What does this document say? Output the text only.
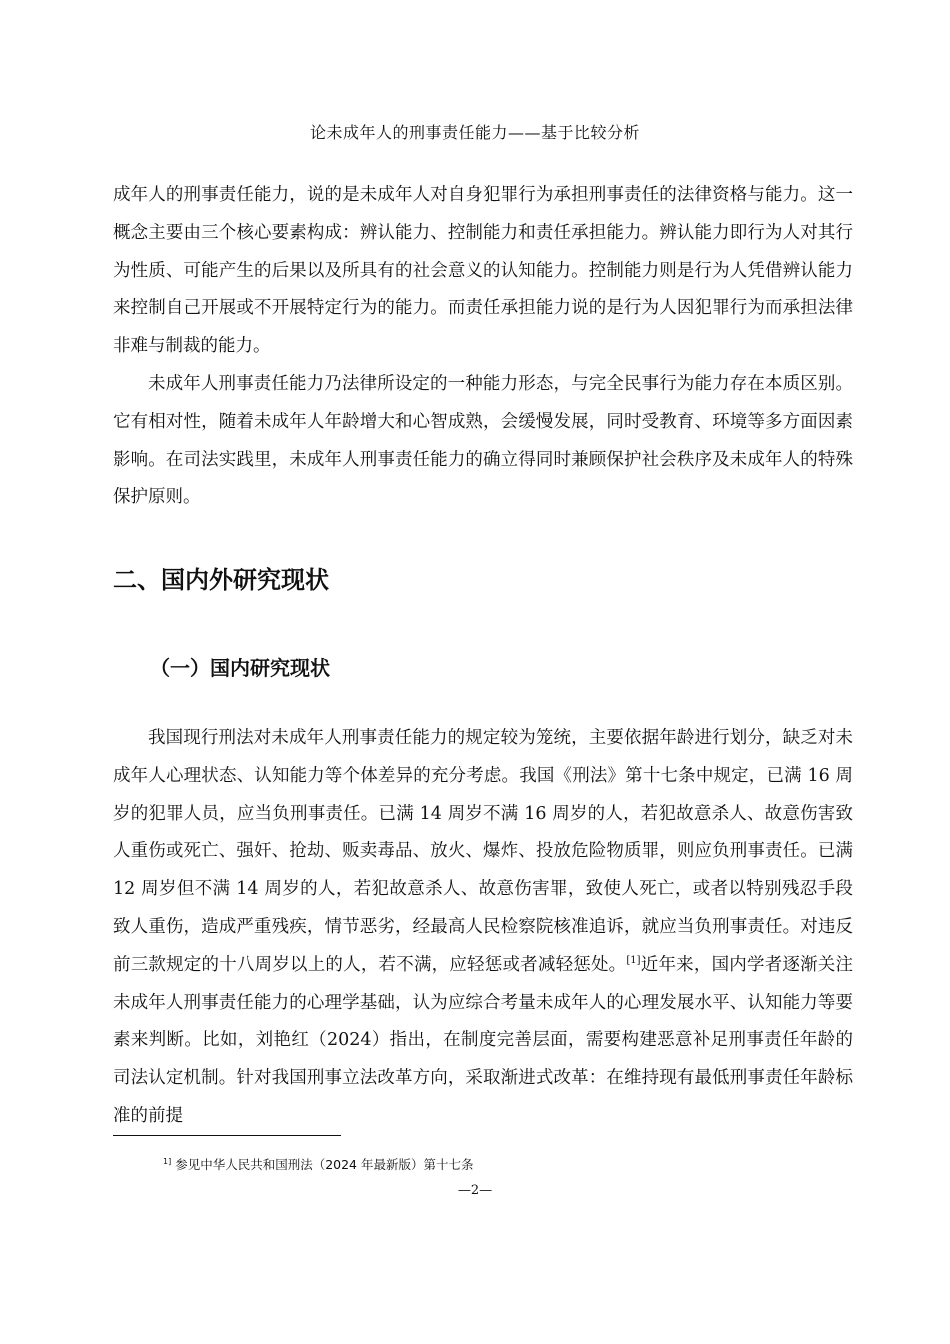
论未成年人的刑事责任能力——基于比较分析
成年人的刑事责任能力，说的是未成年人对自身犯罪行为承担刑事责任的法律资格与能力。这一概念主要由三个核心要素构成：辨认能力、控制能力和责任承担能力。辨认能力即行为人对其行为性质、可能产生的后果以及所具有的社会意义的认知能力。控制能力则是行为人凭借辨认能力来控制自己开展或不开展特定行为的能力。而责任承担能力说的是行为人因犯罪行为而承担法律非难与制裁的能力。
未成年人刑事责任能力乃法律所设定的一种能力形态，与完全民事行为能力存在本质区别。它有相对性，随着未成年人年龄增大和心智成熟，会缓慢发展，同时受教育、环境等多方面因素影响。在司法实践里，未成年人刑事责任能力的确立得同时兼顾保护社会秩序及未成年人的特殊保护原则。
二、国内外研究现状
（一）国内研究现状
我国现行刑法对未成年人刑事责任能力的规定较为笼统，主要依据年龄进行划分，缺乏对未成年人心理状态、认知能力等个体差异的充分考虑。我国《刑法》第十七条中规定，已满 16 周岁的犯罪人员，应当负刑事责任。已满 14 周岁不满 16 周岁的人，若犯故意杀人、故意伤害致人重伤或死亡、强奸、抢劫、贩卖毒品、放火、爆炸、投放危险物质罪，则应负刑事责任。已满 12 周岁但不满 14 周岁的人，若犯故意杀人、故意伤害罪，致使人死亡，或者以特别残忍手段致人重伤，造成严重残疾，情节恶劣，经最高人民检察院核准追诉，就应当负刑事责任。对违反前三款规定的十八周岁以上的人，若不满，应轻惩或者减轻惩处。[1]近年来，国内学者逐渐关注未成年人刑事责任能力的心理学基础，认为应综合考量未成年人的心理发展水平、认知能力等要素来判断。比如，刘艳红（2024）指出，在制度完善层面，需要构建恶意补足刑事责任年龄的司法认定机制。针对我国刑事立法改革方向，采取渐进式改革：在维持现有最低刑事责任年龄标准的前提
$^{1]}$ 参见中华人民共和国刑法（2024 年最新版）第十七条
—2—
